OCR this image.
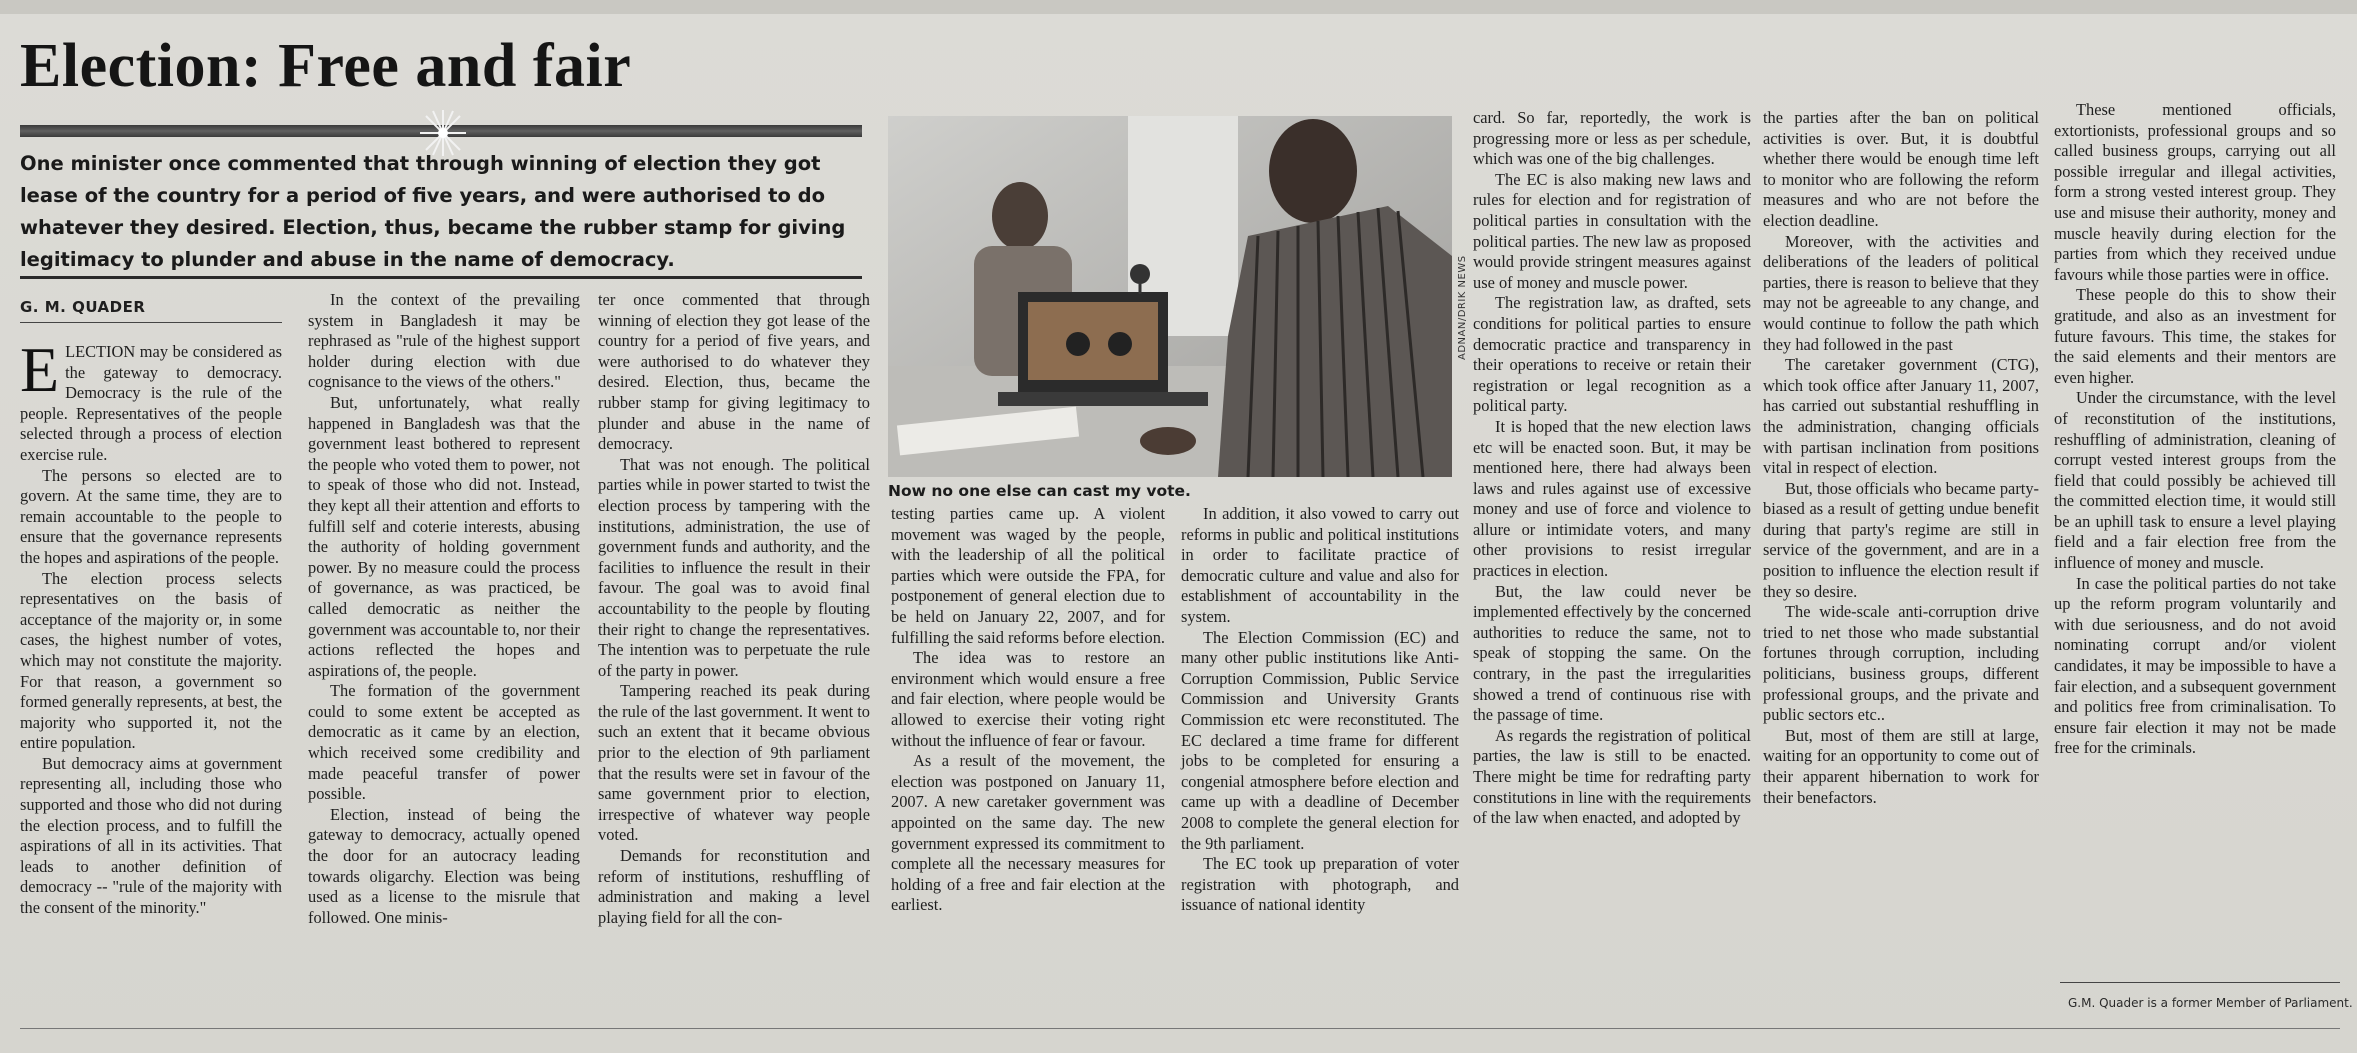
Election: Free and fair
One minister once commented that through winning of election they got lease of the country for a period of five years, and were authorised to do whatever they desired. Election, thus, became the rubber stamp for giving legitimacy to plunder and abuse in the name of democracy.
G. M. QUADER

ELECTION may be considered as the gateway to democracy. Democracy is the rule of the people. Representatives of the people selected through a process of election exercise rule.

The persons so elected are to govern. At the same time, they are to remain accountable to the people to ensure that the governance represents the hopes and aspirations of the people.

The election process selects representatives on the basis of acceptance of the majority or, in some cases, the highest number of votes, which may not constitute the majority. For that reason, a government so formed generally represents, at best, the majority who supported it, not the entire population.

But democracy aims at government representing all, including those who supported and those who did not during the election process, and to fulfill the aspirations of all in its activities. That leads to another definition of democracy -- "rule of the majority with the consent of the minority."

In the context of the prevailing system in Bangladesh it may be rephrased as "rule of the highest support holder during election with due cognisance to the views of the others."

But, unfortunately, what really happened in Bangladesh was that the government least bothered to represent the people who voted them to power, not to speak of those who did not. Instead, they kept all their attention and efforts to fulfill self and coterie interests, abusing the authority of holding government power. By no measure could the process of governance, as was practiced, be called democratic as neither the government was accountable to, nor their actions reflected the hopes and aspirations of, the people.

The formation of the government could to some extent be accepted as democratic as it came by an election, which received some credibility and made peaceful transfer of power possible.

Election, instead of being the gateway to democracy, actually opened the door for an autocracy leading towards oligarchy. Election was being used as a license to the misrule that followed. One minis-

ter once commented that through winning of election they got lease of the country for a period of five years, and were authorised to do whatever they desired. Election, thus, became the rubber stamp for giving legitimacy to plunder and abuse in the name of democracy.

That was not enough. The political parties while in power started to twist the election process by tampering with the institutions, administration, the use of government funds and authority, and the facilities to influence the result in their favour. The goal was to avoid final accountability to the people by flouting their right to change the representatives. The intention was to perpetuate the rule of the party in power.

Tampering reached its peak during the rule of the last government. It went to such an extent that it became obvious prior to the election of 9th parliament that the results were set in favour of the same government prior to election, irrespective of whatever way people voted.

Demands for reconstitution and reform of institutions, reshuffling of administration and making a level playing field for all the con-

ADNAN/DRIK NEWS
Now no one else can cast my vote.

testing parties came up. A violent movement was waged by the people, with the leadership of all the political parties which were outside the FPA, for postponement of general election due to be held on January 22, 2007, and for fulfilling the said reforms before election.

The idea was to restore an environment which would ensure a free and fair election, where people would be allowed to exercise their voting right without the influence of fear or favour.

As a result of the movement, the election was postponed on January 11, 2007. A new caretaker government was appointed on the same day. The new government expressed its commitment to complete all the necessary measures for holding of a free and fair election at the earliest.

In addition, it also vowed to carry out reforms in public and political institutions in order to facilitate practice of democratic culture and value and also for establishment of accountability in the system.

The Election Commission (EC) and many other public institutions like Anti-Corruption Commission, Public Service Commission and University Grants Commission etc were reconstituted. The EC declared a time frame for different jobs to be completed for ensuring a congenial atmosphere before election and came up with a deadline of December 2008 to complete the general election for the 9th parliament.

The EC took up preparation of voter registration with photograph, and issuance of national identity

card. So far, reportedly, the work is progressing more or less as per schedule, which was one of the big challenges.

The EC is also making new laws and rules for election and for registration of political parties in consultation with the political parties. The new law as proposed would provide stringent measures against use of money and muscle power.

The registration law, as drafted, sets conditions for political parties to ensure democratic practice and transparency in their operations to receive or retain their registration or legal recognition as a political party.

It is hoped that the new election laws etc will be enacted soon. But, it may be mentioned here, there had always been laws and rules against use of excessive money and use of force and violence to allure or intimidate voters, and many other provisions to resist irregular practices in election.

But, the law could never be implemented effectively by the concerned authorities to reduce the same, not to speak of stopping the same. On the contrary, in the past the irregularities showed a trend of continuous rise with the passage of time.

As regards the registration of political parties, the law is still to be enacted. There might be time for redrafting party constitutions in line with the requirements of the law when enacted, and adopted by

the parties after the ban on political activities is over. But, it is doubtful whether there would be enough time left to monitor who are following the reform measures and who are not before the election deadline.

Moreover, with the activities and deliberations of the leaders of political parties, there is reason to believe that they may not be agreeable to any change, and would continue to follow the path which they had followed in the past

The caretaker government (CTG), which took office after January 11, 2007, has carried out substantial reshuffling in the administration, changing officials with partisan inclination from positions vital in respect of election.

But, those officials who became party-biased as a result of getting undue benefit during that party's regime are still in service of the government, and are in a position to influence the election result if they so desire.

The wide-scale anti-corruption drive tried to net those who made substantial fortunes through corruption, including politicians, business groups, different professional groups, and the private and public sectors etc..

But, most of them are still at large, waiting for an opportunity to come out of their apparent hibernation to work for their benefactors.

These mentioned officials, extortionists, professional groups and so called business groups, carrying out all possible irregular and illegal activities, form a strong vested interest group. They use and misuse their authority, money and muscle heavily during election for the parties from which they received undue favours while those parties were in office.

These people do this to show their gratitude, and also as an investment for future favours. This time, the stakes for the said elements and their mentors are even higher.

Under the circumstance, with the level of reconstitution of the institutions, reshuffling of administration, cleaning of corrupt vested interest groups from the field that could possibly be achieved till the committed election time, it would still be an uphill task to ensure a level playing field and a fair election free from the influence of money and muscle.

In case the political parties do not take up the reform program voluntarily and with due seriousness, and do not avoid nominating corrupt and/or violent candidates, it may be impossible to have a fair election, and a subsequent government and politics free from criminalisation. To ensure fair election it may not be made free for the criminals.

G.M. Quader is a former Member of Parliament.
